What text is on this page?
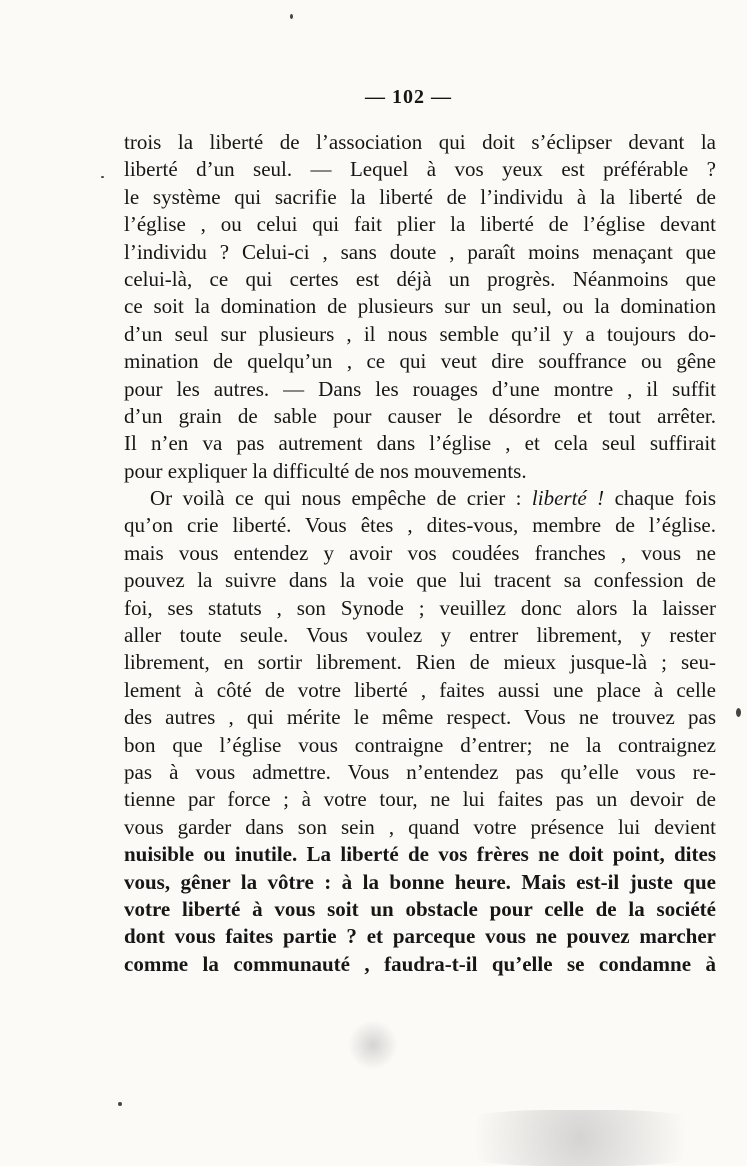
— 102 —
trois la liberté de l’association qui doit s’éclipser devant la
liberté d’un seul. — Lequel à vos yeux est préférable ?
le système qui sacrifie la liberté de l’individu à la liberté de
l’église , ou celui qui fait plier la liberté de l’église devant
l’individu ? Celui-ci , sans doute , paraît moins menaçant que
celui-là, ce qui certes est déjà un progrès. Néanmoins que
ce soit la domination de plusieurs sur un seul, ou la domination
d’un seul sur plusieurs , il nous semble qu’il y a toujours do-
mination de quelqu’un , ce qui veut dire souffrance ou gêne
pour les autres. — Dans les rouages d’une montre , il suffit
d’un grain de sable pour causer le désordre et tout arrêter.
Il n’en va pas autrement dans l’église , et cela seul suffirait
pour expliquer la difficulté de nos mouvements.
Or voilà ce qui nous empêche de crier : liberté ! chaque fois
qu’on crie liberté. Vous êtes , dites-vous, membre de l’église.
mais vous entendez y avoir vos coudées franches , vous ne
pouvez la suivre dans la voie que lui tracent sa confession de
foi, ses statuts , son Synode ; veuillez donc alors la laisser
aller toute seule. Vous voulez y entrer librement, y rester
librement, en sortir librement. Rien de mieux jusque-là ; seu-
lement à côté de votre liberté , faites aussi une place à celle
des autres , qui mérite le même respect. Vous ne trouvez pas
bon que l’église vous contraigne d’entrer; ne la contraignez
pas à vous admettre. Vous n’entendez pas qu’elle vous re-
tienne par force ; à votre tour, ne lui faites pas un devoir de
vous garder dans son sein , quand votre présence lui devient
nuisible ou inutile. La liberté de vos frères ne doit point, dites
vous, gêner la vôtre : à la bonne heure. Mais est-il juste que
votre liberté à vous soit un obstacle pour celle de la société
dont vous faites partie ? et parceque vous ne pouvez marcher
comme la communauté , faudra-t-il qu’elle se condamne à
